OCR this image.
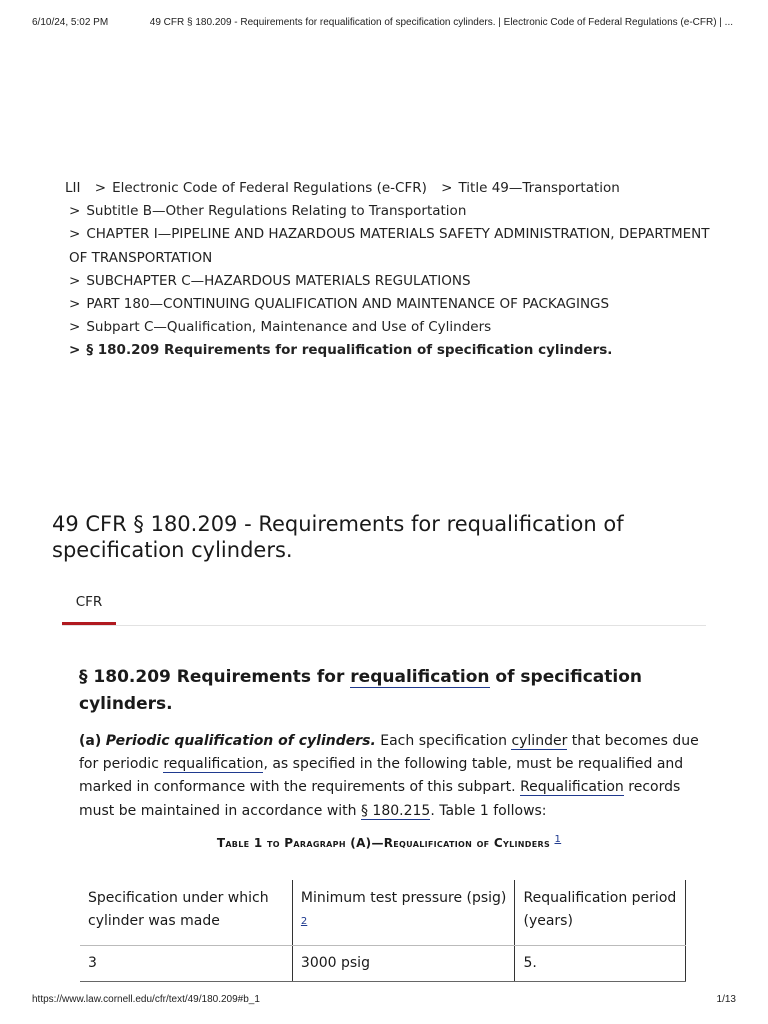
6/10/24, 5:02 PM	49 CFR § 180.209 - Requirements for requalification of specification cylinders. | Electronic Code of Federal Regulations (e-CFR) | ...
LII > Electronic Code of Federal Regulations (e-CFR) > Title 49—Transportation
> Subtitle B—Other Regulations Relating to Transportation
> CHAPTER I—PIPELINE AND HAZARDOUS MATERIALS SAFETY ADMINISTRATION, DEPARTMENT OF TRANSPORTATION
> SUBCHAPTER C—HAZARDOUS MATERIALS REGULATIONS
> PART 180—CONTINUING QUALIFICATION AND MAINTENANCE OF PACKAGINGS
> Subpart C—Qualification, Maintenance and Use of Cylinders
> § 180.209 Requirements for requalification of specification cylinders.
49 CFR § 180.209 - Requirements for requalification of specification cylinders.
CFR
§ 180.209 Requirements for requalification of specification cylinders.

(a) Periodic qualification of cylinders. Each specification cylinder that becomes due for periodic requalification, as specified in the following table, must be requalified and marked in conformance with the requirements of this subpart. Requalification records must be maintained in accordance with § 180.215. Table 1 follows:

Table 1 to Paragraph (A)—Requalification of Cylinders $^1$
Specification under which cylinder was made	Minimum test pressure (psig) $^2$	Requalification period (years)
3	3000 psig	5.
https://www.law.cornell.edu/cfr/text/49/180.209#b_1	1/13
